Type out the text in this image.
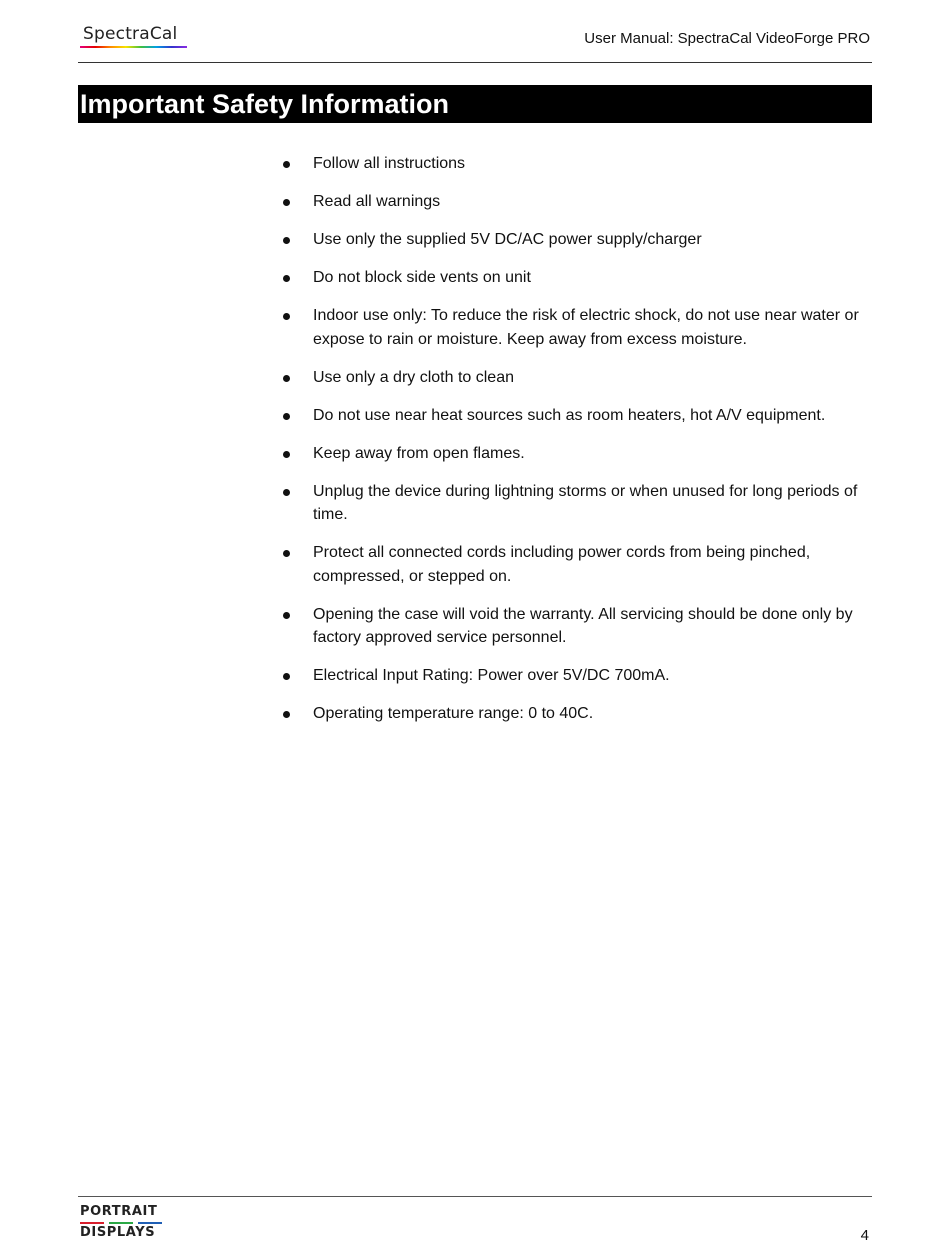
SpectraCal	User Manual: SpectraCal VideoForge PRO
Important Safety Information
Follow all instructions
Read all warnings
Use only the supplied 5V DC/AC power supply/charger
Do not block side vents on unit
Indoor use only: To reduce the risk of electric shock, do not use near water or expose to rain or moisture. Keep away from excess moisture.
Use only a dry cloth to clean
Do not use near heat sources such as room heaters, hot A/V equipment.
Keep away from open flames.
Unplug the device during lightning storms or when unused for long periods of time.
Protect all connected cords including power cords from being pinched, compressed, or stepped on.
Opening the case will void the warranty. All servicing should be done only by factory approved service personnel.
Electrical Input Rating: Power over 5V/DC 700mA.
Operating temperature range: 0 to 40C.
PORTRAIT
DISPLAYS	4
